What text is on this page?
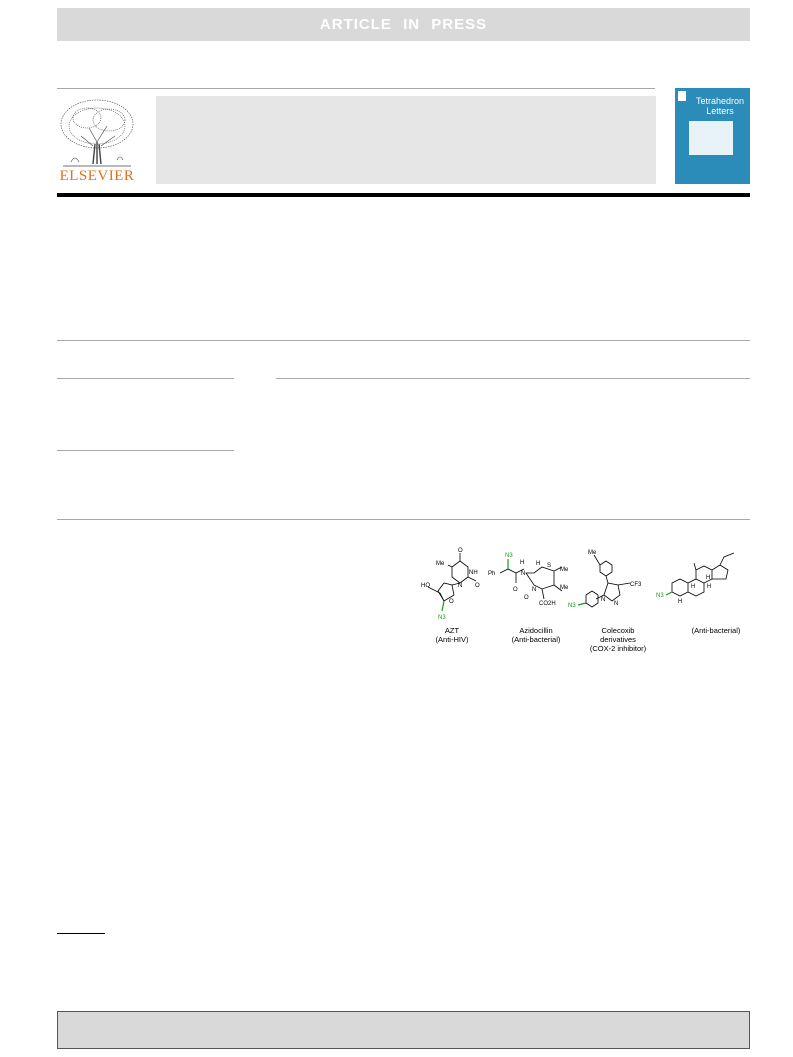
ARTICLE IN PRESS
ELSEVIER
Tetrahedron
Letters
O
Me
NH
N O
HO
O
N3
AZT
(Anti-HIV)
N3
Ph
H
N
O
H S
Me
Me
N
O
CO2H
Azidocillin
(Anti-bacterial)
Me
N
N
CF3
N3
Colecoxib
derivatives
(COX-2 inhibitor)
H
H H
H
N3
(Anti-bacterial)
